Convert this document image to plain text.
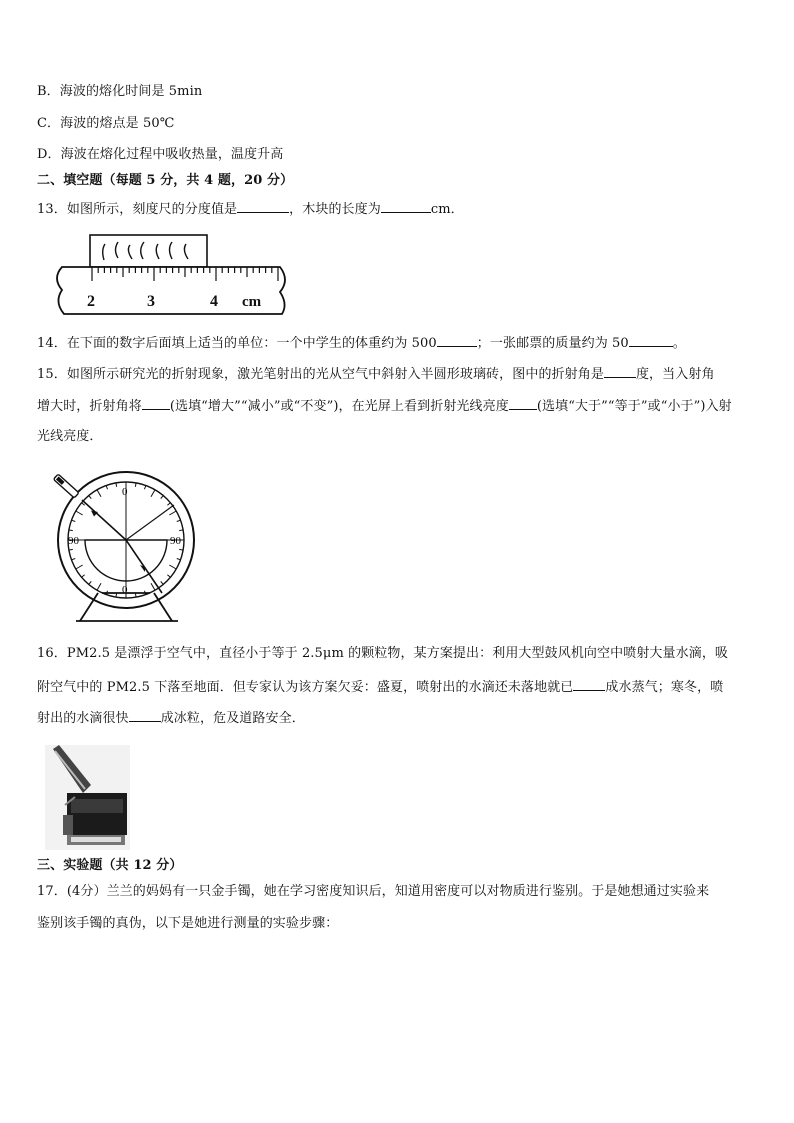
B．海波的熔化时间是 5min
C．海波的熔点是 50℃
D．海波在熔化过程中吸收热量，温度升高
二、填空题（每题 5 分，共 4 题，20 分）
13．如图所示，刻度尺的分度值是	，木块的长度为	cm．
2	3	4 cm
14．在下面的数字后面填上适当的单位：一个中学生的体重约为 500	；一张邮票的质量约为 50	。
15．如图所示研究光的折射现象，激光笔射出的光从空气中斜射入半圆形玻璃砖，图中的折射角是 度，当入射角
增大时，折射角将 (选填“增大”“减小”或“不变”)，在光屏上看到折射光线亮度 (选填“大于”“等于”或“小于”)入射
光线亮度．
0
0
90	90
16．PM2.5 是漂浮于空气中，直径小于等于 2.5μm 的颗粒物，某方案提出：利用大型鼓风机向空中喷射大量水滴，吸
附空气中的 PM2.5 下落至地面．但专家认为该方案欠妥：盛夏，喷射出的水滴还未落地就已 成水蒸气；寒冬，喷
射出的水滴很快 成冰粒，危及道路安全．
三、实验题（共 12 分）
17．(4分）兰兰的妈妈有一只金手镯，她在学习密度知识后，知道用密度可以对物质进行鉴别。于是她想通过实验来
鉴别该手镯的真伪，以下是她进行测量的实验步骤：
